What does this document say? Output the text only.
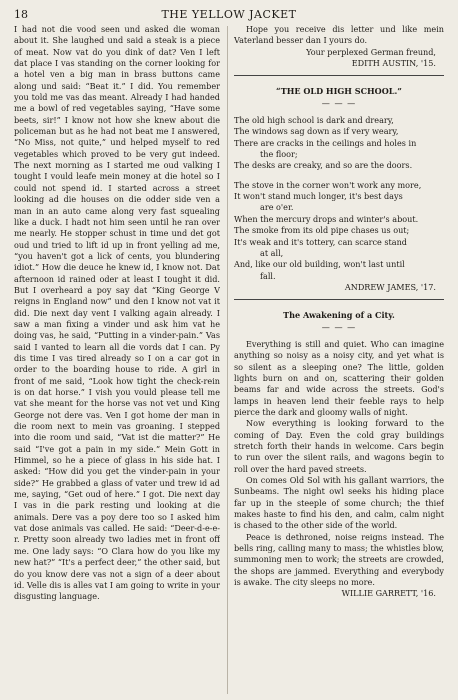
18	THE YELLOW JACKET

I had not die vood seen und asked die woman about it. She laughed und said a steak is a piece of meat. Now vat do you dink of dat? Ven I left dat place I vas standing on the corner looking for a hotel ven a big man in brass buttons came along und said: “Beat it.” I did. You remember you told me vas das meant. Already I had handed me a bowl of red vegetables saying, “Have some beets, sir!” I know not how she knew about die policeman but as he had not beat me I answered, “No Miss, not quite,” und helped myself to red vegetables which proved to be very gut indeed. The next morning as I started me oud valking I tought I vould leafe mein money at die hotel so I could not spend id. I started across a street looking ad die houses on die odder side ven a man in an auto came along very fast squealing like a duck. I hadt not him seen until he ran over me nearly. He stopper schust in time und det got oud und tried to lift id up in front yelling ad me, “you haven't got a lick of cents, you blundering idiot.” How die deuce he knew id, I know not. Dat afternoon id rained oder at least I tought it did. But I overheard a poy say dat “King George V reigns in England now” und den I know not vat it did. Die next day vent I valking again already. I saw a man fixing a vinder und ask him vat he doing vas, he said, “Putting in a vinder-pain.” Vas said I vanted to learn all die vords dat I can. Py dis time I vas tired already so I on a car got in order to the boarding house to ride. A girl in front of me said, “Look how tight the check-rein is on dat horse.” I vish you vould please tell me vat she meant for the horse vas not vet und King George not dere vas. Ven I got home der man in die room next to mein vas groaning. I stepped into die room und said, “Vat ist die matter?” He said “I've got a pain in my side.” Mein Gott in Himmel, so he a piece of glass in his side hat. I asked: “How did you get the vinder-pain in your side?” He grabbed a glass of vater und trew id ad me, saying, “Get oud of here.” I got. Die next day I vas in die park resting und looking at die animals. Dere vas a poy dere too so I asked him vat dose animals vas called. He said: “Deer-d-e-e-r. Pretty soon already two ladies met in front off me. One lady says: “O Clara how do you like my new hat?” “It's a perfect deer,” the other said, but do you know dere vas not a sign of a deer about id. Velle dis is alles vat I am going to write in your disgusting language.

Hope you receive dis letter und like mein Vaterland besser dan I yours do.

Your perplexed German freund,

EDITH AUSTIN, '15.

“THE OLD HIGH SCHOOL.”

— — —

The old high school is dark and dreary,

The windows sag down as if very weary,

There are cracks in the ceilings and holes in

the floor;

The desks are creaky, and so are the doors.

The stove in the corner won't work any more,

It won't stand much longer, it's best days

are o'er.

When the mercury drops and winter's about.

The smoke from its old pipe chases us out;

It's weak and it's tottery, can scarce stand

at all,

And, like our old building, won't last until

fall.

ANDREW JAMES, '17.

The Awakening of a City.

— — —

Everything is still and quiet. Who can imagine anything so noisy as a noisy city, and yet what is so silent as a sleeping one? The little, golden lights burn on and on, scattering their golden beams far and wide across the streets. God's lamps in heaven lend their feeble rays to help pierce the dark and gloomy walls of night.

Now everything is looking forward to the coming of Day. Even the cold gray buildings stretch forth their hands in welcome. Cars begin to run over the silent rails, and wagons begin to roll over the hard paved streets.

On comes Old Sol with his gallant warriors, the Sunbeams. The night owl seeks his hiding place far up in the steeple of some church; the thief makes haste to find his den, and calm, calm night is chased to the other side of the world.

Peace is dethroned, noise reigns instead. The bells ring, calling many to mass; the whistles blow, summoning men to work; the streets are crowded, the shops are jammed. Everything and everybody is awake. The city sleeps no more.

WILLIE GARRETT, '16.
